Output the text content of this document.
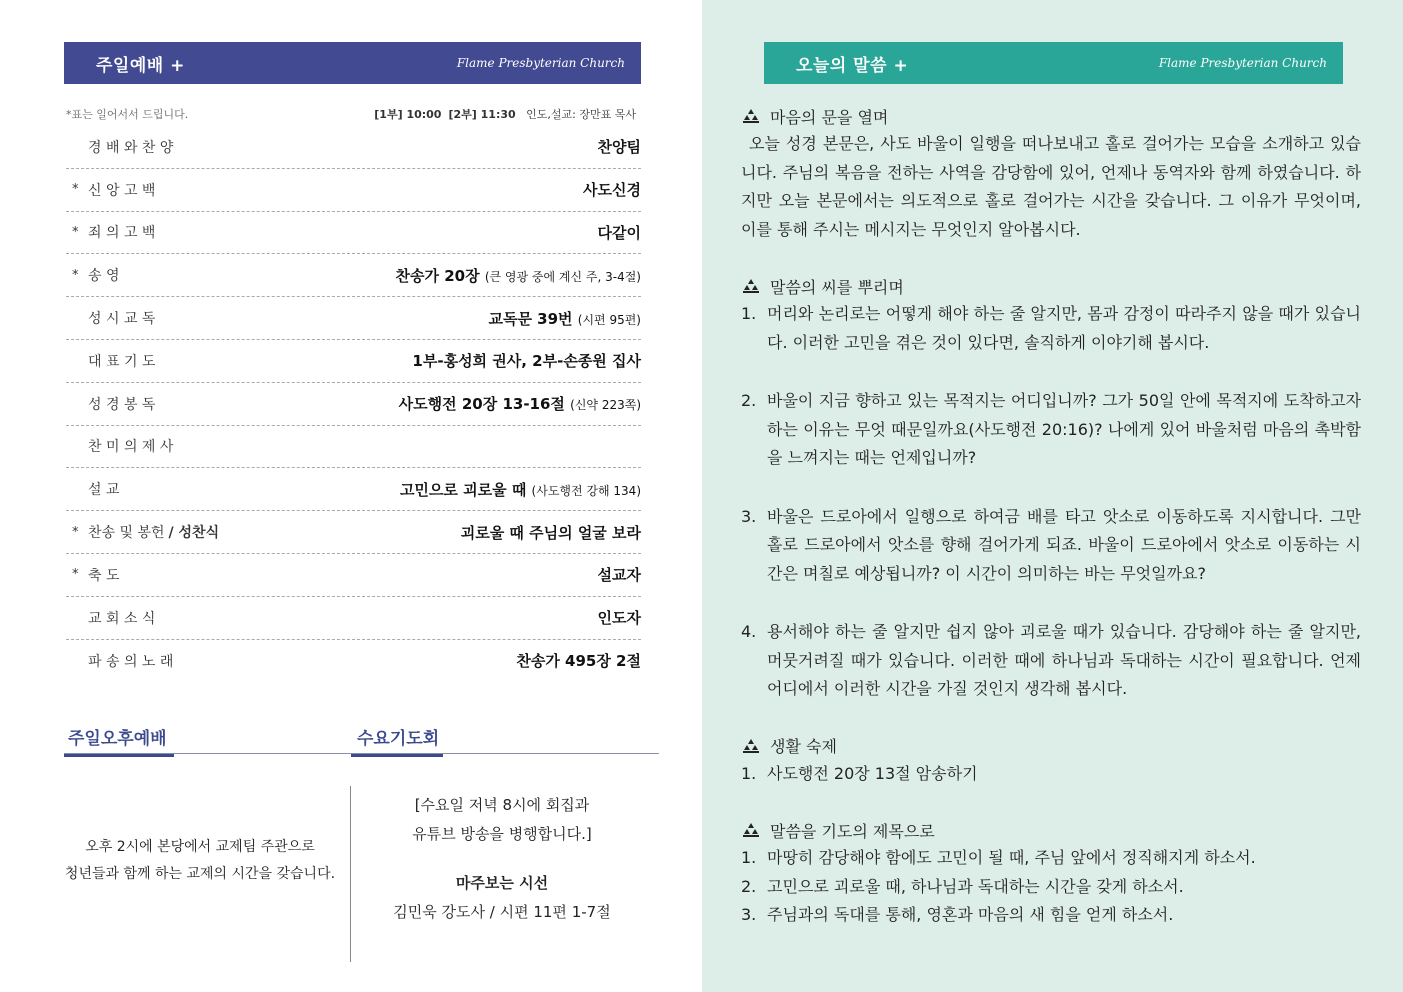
주일예배 +	Flame Presbyterian Church
*표는 일어서서 드립니다.	[1부] 10:00 [2부] 11:30 인도,설교: 장만표 목사
경 배 와 찬 양	찬양팀
* 신 앙 고 백	사도신경
* 죄 의 고 백	다같이
* 송 영	찬송가 20장 (큰 영광 중에 계신 주, 3-4절)
성 시 교 독	교독문 39번 (시편 95편)
대 표 기 도	1부-홍성희 권사, 2부-손종원 집사
성 경 봉 독	사도행전 20장 13-16절 (신약 223쪽)
찬 미 의 제 사
설 교	고민으로 괴로울 때 (사도행전 강해 134)
* 찬송 및 봉헌 / 성찬식	괴로울 때 주님의 얼굴 보라
* 축 도	설교자
교 회 소 식	인도자
파 송 의 노 래	찬송가 495장 2절
주일오후예배	수요기도회
오후 2시에 본당에서 교제팀 주관으로
청년들과 함께 하는 교제의 시간을 갖습니다.
[수요일 저녁 8시에 회집과
유튜브 방송을 병행합니다.]
마주보는 시선
김민욱 강도사 / 시편 11편 1-7절
오늘의 말씀 +	Flame Presbyterian Church
마음의 문을 열며
오늘 성경 본문은, 사도 바울이 일행을 떠나보내고 홀로 걸어가는 모습을 소개하고 있습니다. 주님의 복음을 전하는 사역을 감당함에 있어, 언제나 동역자와 함께 하였습니다. 하지만 오늘 본문에서는 의도적으로 홀로 걸어가는 시간을 갖습니다. 그 이유가 무엇이며, 이를 통해 주시는 메시지는 무엇인지 알아봅시다.
말씀의 씨를 뿌리며
1. 머리와 논리로는 어떻게 해야 하는 줄 알지만, 몸과 감정이 따라주지 않을 때가 있습니다. 이러한 고민을 겪은 것이 있다면, 솔직하게 이야기해 봅시다.
2. 바울이 지금 향하고 있는 목적지는 어디입니까? 그가 50일 안에 목적지에 도착하고자 하는 이유는 무엇 때문일까요(사도행전 20:16)? 나에게 있어 바울처럼 마음의 촉박함을 느껴지는 때는 언제입니까?
3. 바울은 드로아에서 일행으로 하여금 배를 타고 앗소로 이동하도록 지시합니다. 그만 홀로 드로아에서 앗소를 향해 걸어가게 되죠. 바울이 드로아에서 앗소로 이동하는 시간은 며칠로 예상됩니까? 이 시간이 의미하는 바는 무엇일까요?
4. 용서해야 하는 줄 알지만 쉽지 않아 괴로울 때가 있습니다. 감당해야 하는 줄 알지만, 머뭇거려질 때가 있습니다. 이러한 때에 하나님과 독대하는 시간이 필요합니다. 언제 어디에서 이러한 시간을 가질 것인지 생각해 봅시다.
생활 숙제
1. 사도행전 20장 13절 암송하기
말씀을 기도의 제목으로
1. 마땅히 감당해야 함에도 고민이 될 때, 주님 앞에서 정직해지게 하소서.
2. 고민으로 괴로울 때, 하나님과 독대하는 시간을 갖게 하소서.
3. 주님과의 독대를 통해, 영혼과 마음의 새 힘을 얻게 하소서.
